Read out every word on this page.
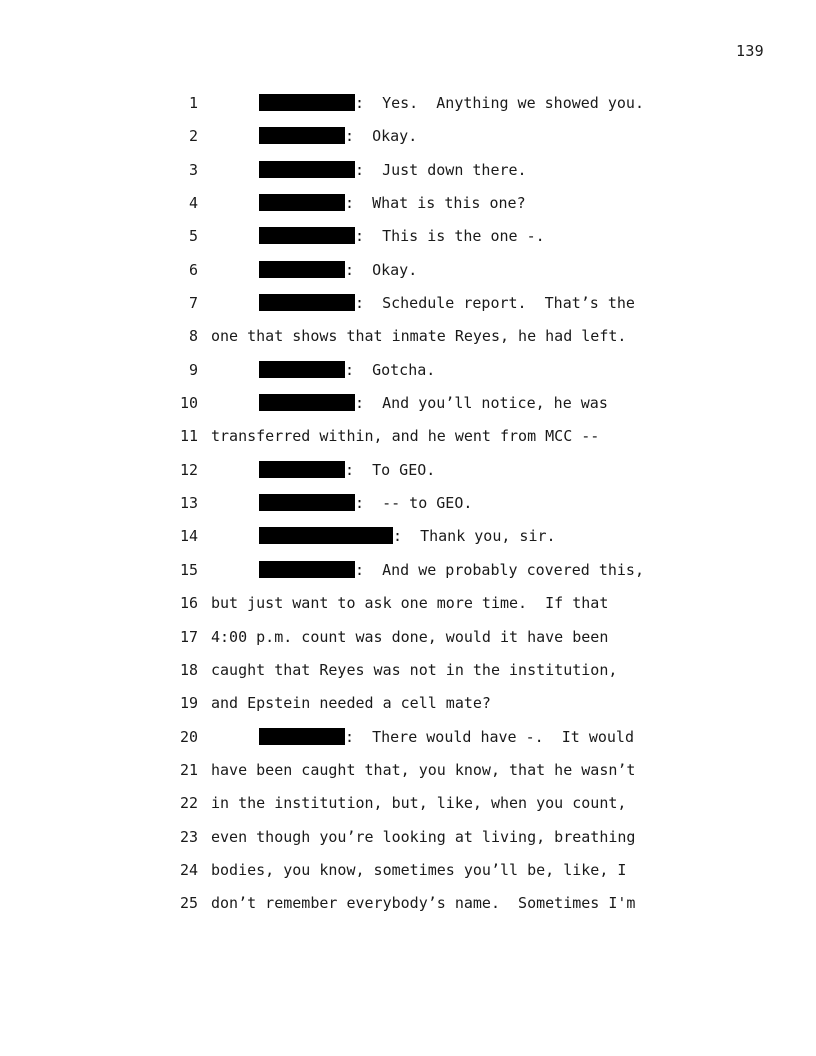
139
1	:  Yes.  Anything we showed you.
2	:  Okay.
3	:  Just down there.
4	:  What is this one?
5	:  This is the one -.
6	:  Okay.
7	:  Schedule report.  That’s the
8 one that shows that inmate Reyes, he had left.
9	:  Gotcha.
10	:  And you’ll notice, he was
11 transferred within, and he went from MCC --
12	:  To GEO.
13	:  -- to GEO.
14	:  Thank you, sir.
15	:  And we probably covered this,
16 but just want to ask one more time.  If that
17 4:00 p.m. count was done, would it have been
18 caught that Reyes was not in the institution,
19 and Epstein needed a cell mate?
20	:  There would have -.  It would
21 have been caught that, you know, that he wasn’t
22 in the institution, but, like, when you count,
23 even though you’re looking at living, breathing
24 bodies, you know, sometimes you’ll be, like, I
25 don’t remember everybody’s name.  Sometimes I'm
